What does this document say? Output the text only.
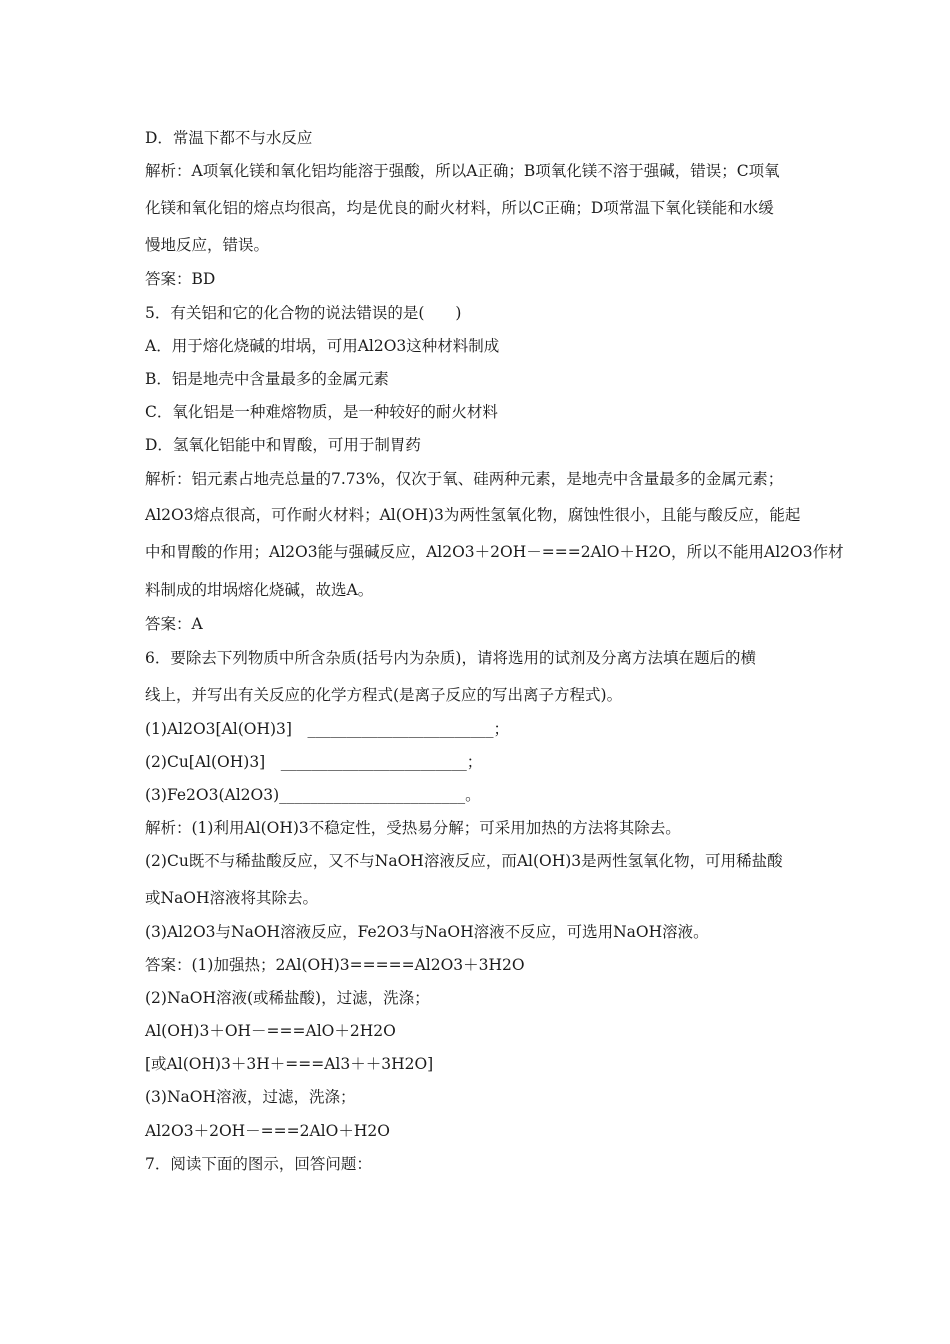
D．常温下都不与水反应
解析：A项氧化镁和氧化铝均能溶于强酸，所以A正确；B项氧化镁不溶于强碱，错误；C项氧
化镁和氧化铝的熔点均很高，均是优良的耐火材料，所以C正确；D项常温下氧化镁能和水缓
慢地反应，错误。
答案：BD
5．有关铝和它的化合物的说法错误的是(　　)
A．用于熔化烧碱的坩埚，可用Al2O3这种材料制成
B．铝是地壳中含量最多的金属元素
C．氧化铝是一种难熔物质，是一种较好的耐火材料
D．氢氧化铝能中和胃酸，可用于制胃药
解析：铝元素占地壳总量的7.73%，仅次于氧、硅两种元素，是地壳中含量最多的金属元素；
Al2O3熔点很高，可作耐火材料；Al(OH)3为两性氢氧化物，腐蚀性很小，且能与酸反应，能起
中和胃酸的作用；Al2O3能与强碱反应，Al2O3＋2OH－===2AlO＋H2O，所以不能用Al2O3作材
料制成的坩埚熔化烧碱，故选A。
答案：A
6．要除去下列物质中所含杂质(括号内为杂质)，请将选用的试剂及分离方法填在题后的横
线上，并写出有关反应的化学方程式(是离子反应的写出离子方程式)。
(1)Al2O3[Al(OH)3]　________________________；
(2)Cu[Al(OH)3]　________________________；
(3)Fe2O3(Al2O3)________________________。
解析：(1)利用Al(OH)3不稳定性，受热易分解；可采用加热的方法将其除去。
(2)Cu既不与稀盐酸反应，又不与NaOH溶液反应，而Al(OH)3是两性氢氧化物，可用稀盐酸
或NaOH溶液将其除去。
(3)Al2O3与NaOH溶液反应，Fe2O3与NaOH溶液不反应，可选用NaOH溶液。
答案：(1)加强热；2Al(OH)3=====Al2O3＋3H2O
(2)NaOH溶液(或稀盐酸)，过滤，洗涤；
Al(OH)3＋OH－===AlO＋2H2O
[或Al(OH)3＋3H＋===Al3＋＋3H2O]
(3)NaOH溶液，过滤，洗涤；
Al2O3＋2OH－===2AlO＋H2O
7．阅读下面的图示，回答问题：
